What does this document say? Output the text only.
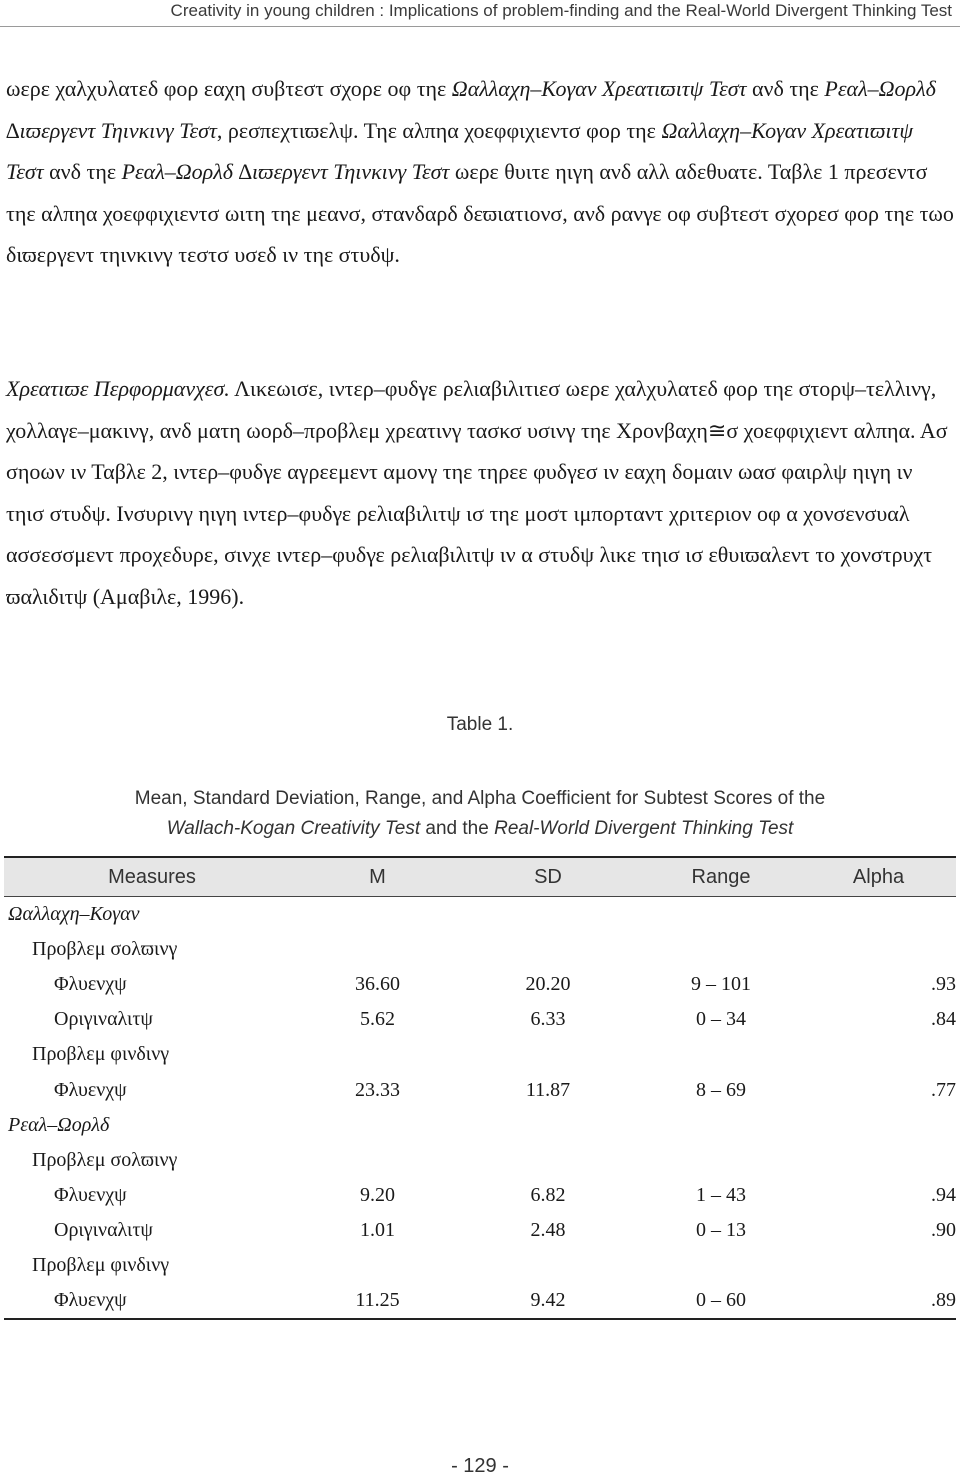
Creativity in young children : Implications of problem-finding and the Real-World Divergent Thinking Test

ωερε χαλχυλατεδ φορ εαχη συβτεστ σχορε οφ τηε Ωαλλαχη–Κογαν Χρεατιϖιτψ Τεστ ανδ τηε Ρεαλ–Ωορλδ ∆ιϖεργεντ Τηινκινγ Τεστ, ρεσπεχτιϖελψ. Τηε αλπηα χοεφφιχιεντσ φορ τηε Ωαλλαχη–Κογαν Χρεατιϖιτψ Τεστ ανδ τηε Ρεαλ–Ωορλδ ∆ιϖεργεντ Τηινκινγ Τεστ ωερε θυιτε ηιγη ανδ αλλ αδεθυατε. Ταβλε 1 πρεσεντσ τηε αλπηα χοεφφιχιεντσ ωιτη τηε μεανσ, σтανδαρδ δεϖιατιονσ, ανδ ρανγε οφ συβτεστ σχορεσ φορ τηε τωο διϖεργεντ τηινκινγ τεστσ υσεδ ιν τηε στυδψ.

Χρεατιϖε Περφορμανχεσ. Λικεωισε, ιντερ–φυδγε ρελιαβιλιτιεσ ωερε χαλχυλατεδ φορ τηε στορψ–τελλινγ, χολλαγε–μακινγ, ανδ ματη ωορδ–προβλεμ χρεατινγ τασκσ υσινγ τηε Χρονβαχη≅σ χοεφφιχιεντ αλπηα. Ασ σηοων ιν Ταβλε 2, ιντερ–φυδγε αγρεεμεντ αμονγ τηε τηρεε φυδγεσ ιν εαχη δομαιν ωασ φαιρλψ ηιγη ιν τηισ στυδψ. Ινσυρινγ ηιγη ιντερ–φυδγε ρελιαβιλιτψ ισ τηε μοστ ιμπορταντ χριτεριον οφ α χονσενσυαλ ασσεσσμεντ προχεδυρε, σινχε ιντερ–φυδγε ρελιαβιλιτψ ιν α στυδψ λικε τηισ ισ εθυιϖαλεντ το χονστρυχτ ϖαλιδιτψ (Αμαβιλε, 1996).

Table 1.
Mean, Standard Deviation, Range, and Alpha Coefficient for Subtest Scores of the
Wallach-Kogan Creativity Test and the Real-World Divergent Thinking Test
Measures	M	SD	Range	Alpha
Ωαλλαχη–Κογαν				
Προβλεμ σολϖινγ				
Φλυενχψ	36.60	20.20	9 – 101	.93
Οριγιναλιτψ	5.62	6.33	0 – 34	.84
Προβλεμ φινδινγ				
Φλυενχψ	23.33	11.87	8 – 69	.77
Ρεαλ–Ωορλδ				
Προβλεμ σολϖινγ				
Φλυενχψ	9.20	6.82	1 – 43	.94
Οριγιναλιτψ	1.01	2.48	0 – 13	.90
Προβλεμ φινδινγ				
Φλυενχψ	11.25	9.42	0 – 60	.89
- 129 -
